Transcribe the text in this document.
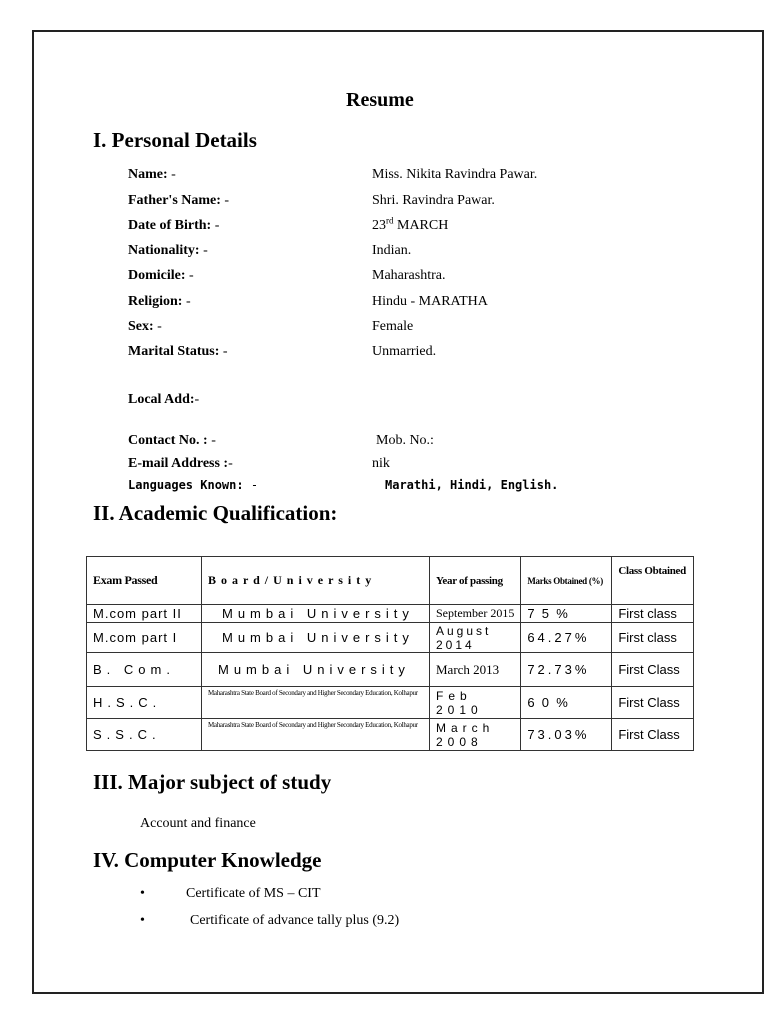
Resume
I. Personal Details
Name: -	Miss. Nikita Ravindra Pawar.
Father's Name: -	Shri. Ravindra Pawar.
Date of Birth: -	23rd MARCH
Nationality: -	Indian.
Domicile: -	Maharashtra.
Religion: -	Hindu - MARATHA
Sex: -	Female
Marital Status: -	Unmarried.
Local Add:-
Contact No. : -	Mob. No.:
E-mail Address :-	nik
Languages Known: -	Marathi, Hindi, English.
II. Academic Qualification:
Exam Passed	B o a r d / U n i v e r s i t y	Year of passing	Marks Obtained (%)	Class Obtained
M.com part II	Mumbai University	September 2015	7  5  %	First class
M.com part I	Mumbai University	August 2014	64.27%	First class
B. Com.	Mumbai University	March 2013	72.73%	First Class
H.S.C.	Maharashtra State Board of Secondary and Higher Secondary Education, Kolhapur	Feb 2010	6  0  %	First Class
S.S.C.	Maharashtra State Board of Secondary and Higher Secondary Education, Kolhapur	March 2008	73.03%	First Class
III. Major subject of study
Account and finance
IV. Computer Knowledge
•	Certificate of MS – CIT
•	Certificate of advance tally plus (9.2)
